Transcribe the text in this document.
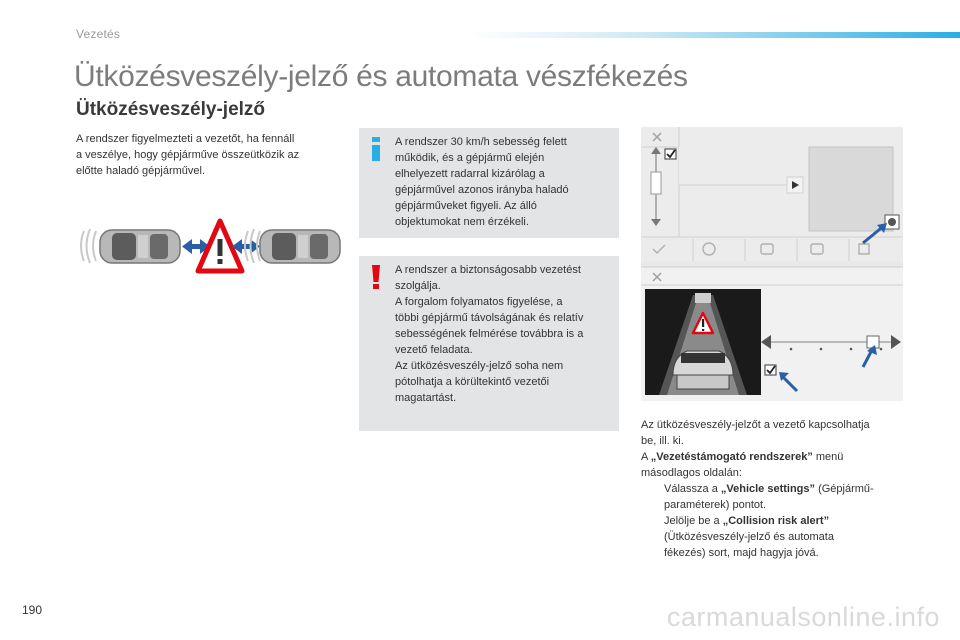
Vezetés
Ütközésveszély-jelző és automata vészfékezés
Ütközésveszély-jelző
A rendszer figyelmezteti a vezetőt, ha fennáll
a veszélye, hogy gépjárműve összeütközik az
előtte haladó gépjárművel.
A rendszer 30 km/h sebesség felett
működik, és a gépjármű elején
elhelyezett radarral kizárólag a
gépjárművel azonos irányba haladó
gépjárműveket figyeli. Az álló
objektumokat nem érzékeli.
A rendszer a biztonságosabb vezetést
szolgálja.
A forgalom folyamatos figyelése, a
többi gépjármű távolságának és relatív
sebességének felmérése továbbra is a
vezető feladata.
Az ütközésveszély-jelző soha nem
pótolhatja a körültekintő vezetői
magatartást.
Az ütközésveszély-jelzőt a vezető kapcsolhatja
be, ill. ki.
A „Vezetéstámogató rendszerek” menü
másodlagos oldalán:
Válassza a „Vehicle settings” (Gépjármű-
paraméterek) pontot.
Jelölje be a „Collision risk alert”
(Ütközésveszély-jelző és automata
fékezés) sort, majd hagyja jóvá.
190	carmanualsonline.info
